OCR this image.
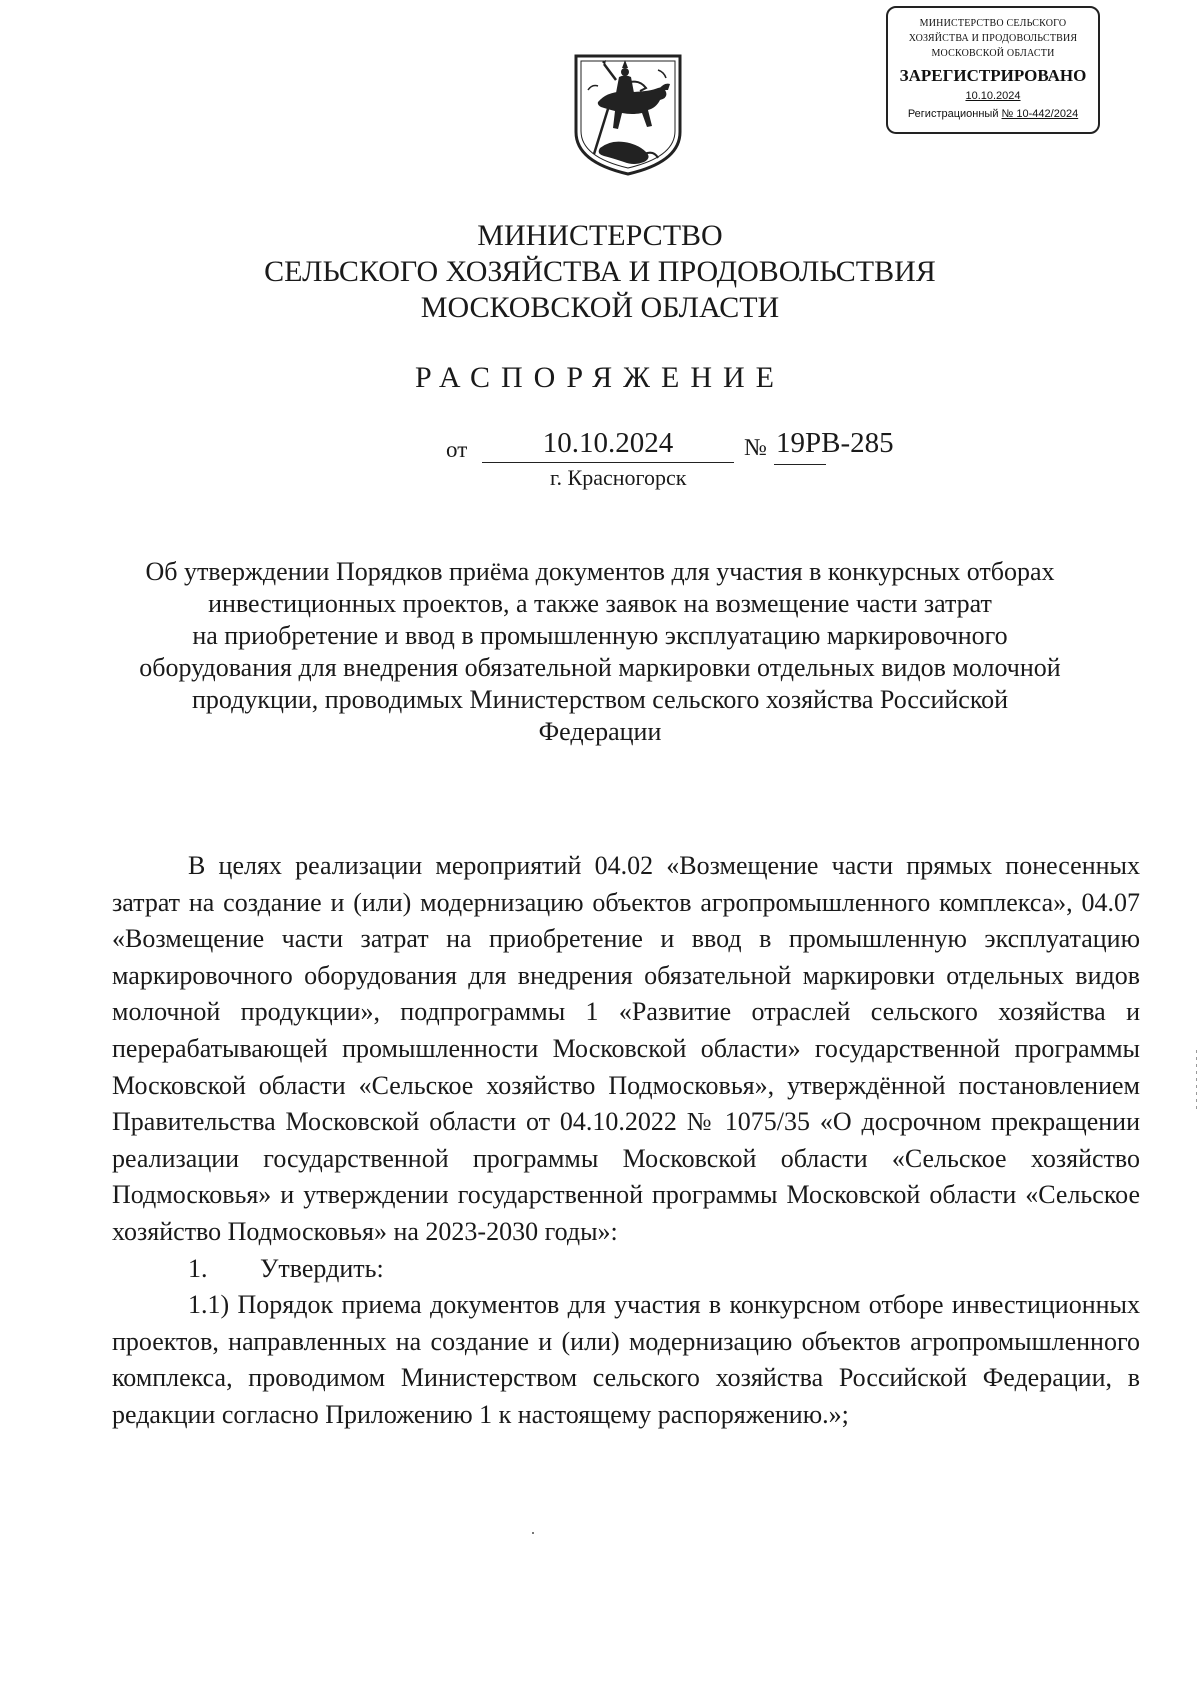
МИНИСТЕРСТВО СЕЛЬСКОГО
ХОЗЯЙСТВА И ПРОДОВОЛЬСТВИЯ
МОСКОВСКОЙ ОБЛАСТИ
ЗАРЕГИСТРИРОВАНО
10.10.2024
Регистрационный № 10-442/2024
МИНИСТЕРСТВО
СЕЛЬСКОГО ХОЗЯЙСТВА И ПРОДОВОЛЬСТВИЯ
МОСКОВСКОЙ ОБЛАСТИ
РАСПОРЯЖЕНИЕ
от	10.10.2024	№ 19РВ-285
г. Красногорск
Об утверждении Порядков приёма документов для участия в конкурсных отборах
инвестиционных проектов, а также заявок на возмещение части затрат
на приобретение и ввод в промышленную эксплуатацию маркировочного
оборудования для внедрения обязательной маркировки отдельных видов молочной
продукции, проводимых Министерством сельского хозяйства Российской
Федерации

В целях реализации мероприятий 04.02 «Возмещение части прямых понесенных затрат на создание и (или) модернизацию объектов агропромышленного комплекса», 04.07 «Возмещение части затрат на приобретение и ввод в промышленную эксплуатацию маркировочного оборудования для внедрения обязательной маркировки отдельных видов молочной продукции», подпрограммы 1 «Развитие отраслей сельского хозяйства и перерабатывающей промышленности Московской области» государственной программы Московской области «Сельское хозяйство Подмосковья», утверждённой постановлением Правительства Московской области от 04.10.2022 № 1075/35 «О досрочном прекращении реализации государственной программы Московской области «Сельское хозяйство Подмосковья» и утверждении государственной программы Московской области «Сельское хозяйство Подмосковья» на 2023-2030 годы»:

1. Утвердить:

1.1) Порядок приема документов для участия в конкурсном отборе инвестиционных проектов, направленных на создание и (или) модернизацию объектов агропромышленного комплекса, проводимом Министерством сельского хозяйства Российской Федерации, в редакции согласно Приложению 1 к настоящему распоряжению.»;
